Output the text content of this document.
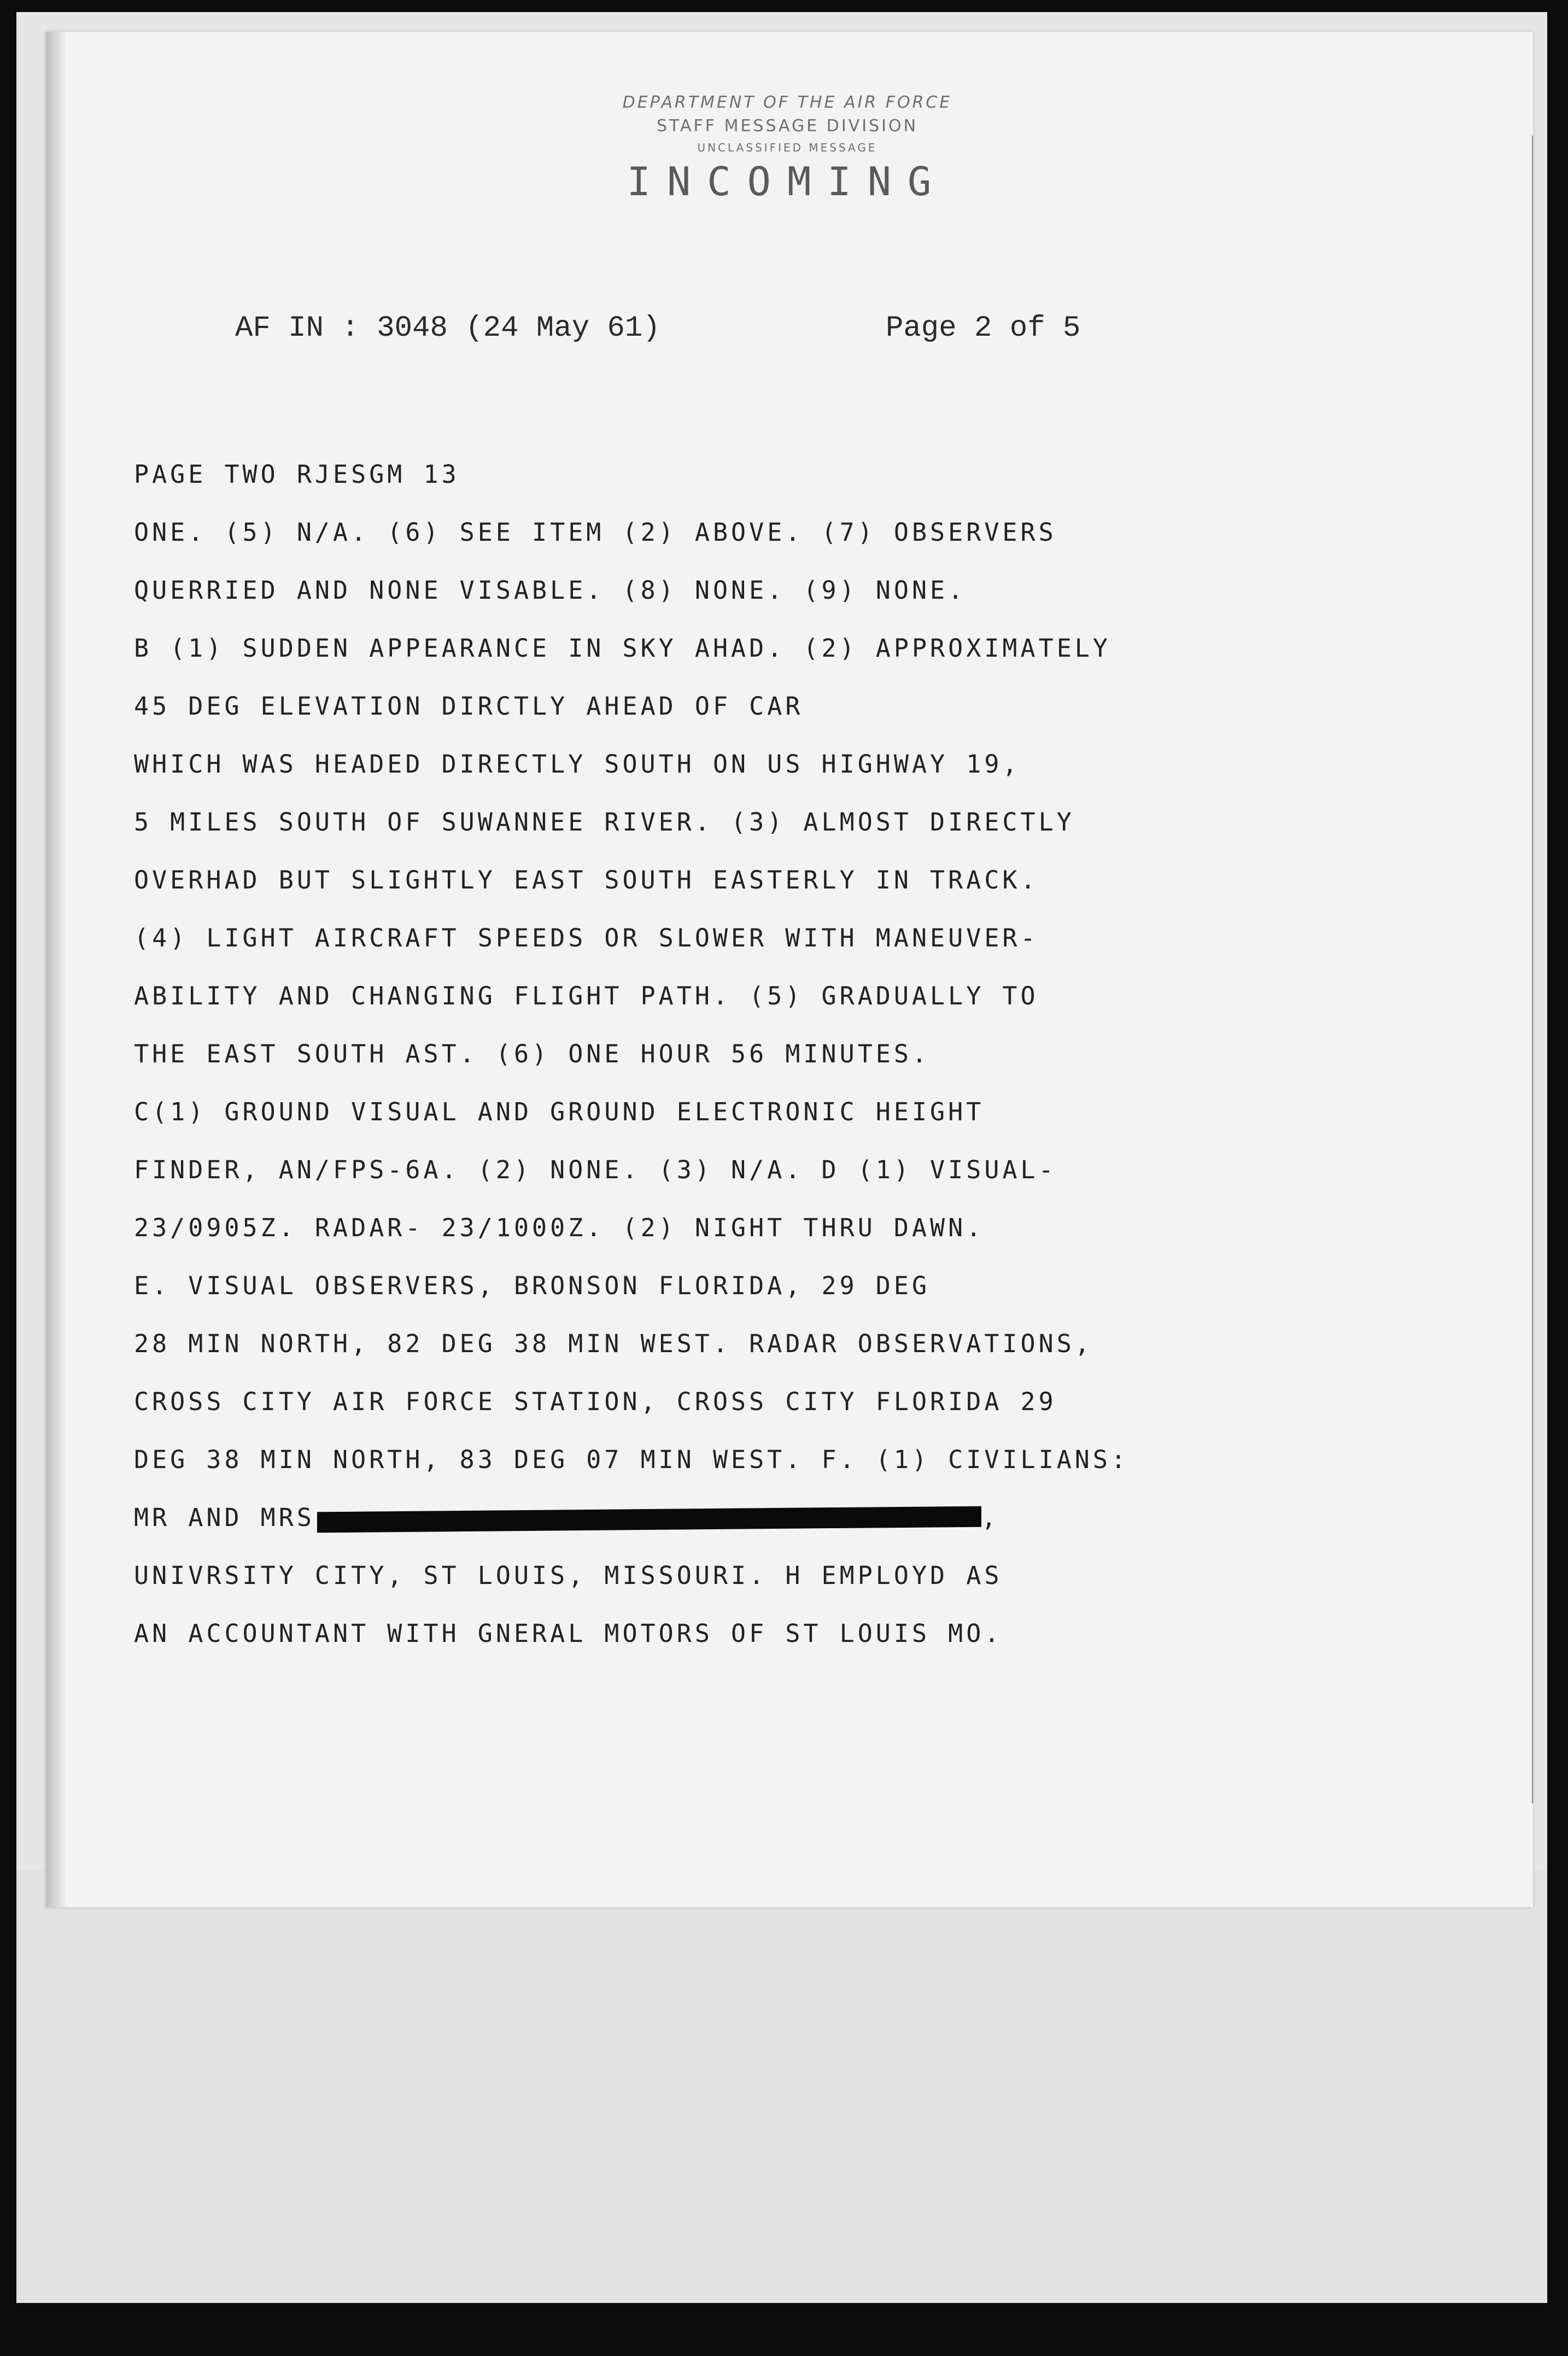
DEPARTMENT OF THE AIR FORCE
STAFF MESSAGE DIVISION
UNCLASSIFIED MESSAGE
INCOMING
AF IN : 3048 (24 May 61)	Page 2 of 5
PAGE TWO RJESGM 13
ONE. (5) N/A. (6) SEE ITEM (2) ABOVE. (7) OBSERVERS
QUERRIED AND NONE VISABLE. (8) NONE. (9) NONE.
B (1) SUDDEN APPEARANCE IN SKY AHAD. (2) APPROXIMATELY
45 DEG ELEVATION DIRCTLY AHEAD OF CAR
WHICH WAS HEADED DIRECTLY SOUTH ON US HIGHWAY 19,
5 MILES SOUTH OF SUWANNEE RIVER. (3) ALMOST DIRECTLY
OVERHAD BUT SLIGHTLY EAST SOUTH EASTERLY IN TRACK.
(4) LIGHT AIRCRAFT SPEEDS OR SLOWER WITH MANEUVER-
ABILITY AND CHANGING FLIGHT PATH. (5) GRADUALLY TO
THE EAST SOUTH AST. (6) ONE HOUR 56 MINUTES.
C(1) GROUND VISUAL AND GROUND ELECTRONIC HEIGHT
FINDER, AN/FPS-6A. (2) NONE. (3) N/A. D (1) VISUAL-
23/0905Z. RADAR- 23/1000Z. (2) NIGHT THRU DAWN.
E. VISUAL OBSERVERS, BRONSON FLORIDA, 29 DEG
28 MIN NORTH, 82 DEG 38 MIN WEST. RADAR OBSERVATIONS,
CROSS CITY AIR FORCE STATION, CROSS CITY FLORIDA 29
DEG 38 MIN NORTH, 83 DEG 07 MIN WEST. F. (1) CIVILIANS:
MR AND MRS	,
UNIVRSITY CITY, ST LOUIS, MISSOURI. H EMPLOYD AS
AN ACCOUNTANT WITH GNERAL MOTORS OF ST LOUIS MO.
